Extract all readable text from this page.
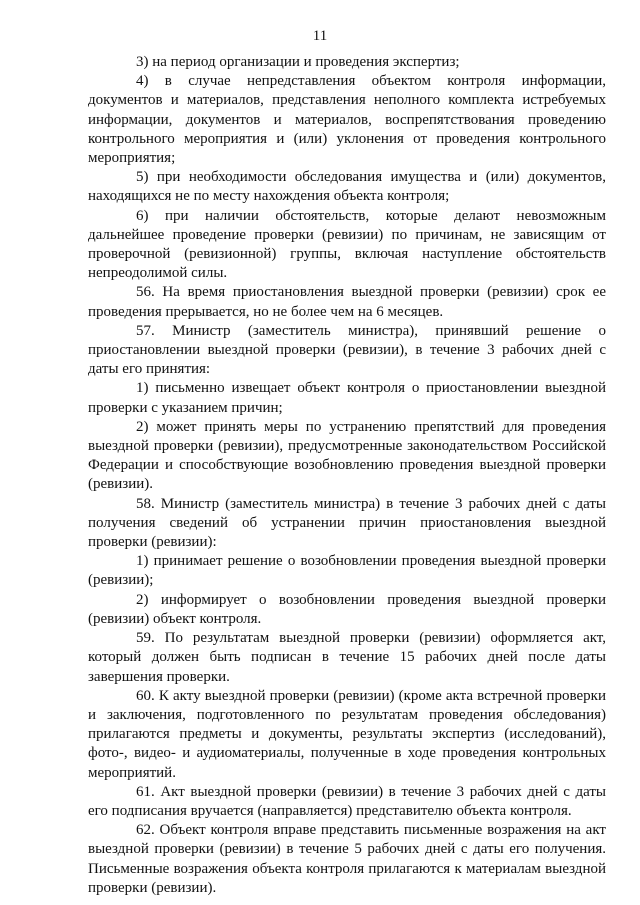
11

3) на период организации и проведения экспертиз;

4) в случае непредставления объектом контроля информации, документов и материалов, представления неполного комплекта истребуемых информации, документов и материалов, воспрепятствования проведению контрольного мероприятия и (или) уклонения от проведения контрольного мероприятия;

5) при необходимости обследования имущества и (или) документов, находящихся не по месту нахождения объекта контроля;

6) при наличии обстоятельств, которые делают невозможным дальнейшее проведение проверки (ревизии) по причинам, не зависящим от проверочной (ревизионной) группы, включая наступление обстоятельств непреодолимой силы.

56. На время приостановления выездной проверки (ревизии) срок ее проведения прерывается, но не более чем на 6 месяцев.

57. Министр (заместитель министра), принявший решение о приостановлении выездной проверки (ревизии), в течение 3 рабочих дней с даты его принятия:

1) письменно извещает объект контроля о приостановлении выездной проверки с указанием причин;

2) может принять меры по устранению препятствий для проведения выездной проверки (ревизии), предусмотренные законодательством Российской Федерации и способствующие возобновлению проведения выездной проверки (ревизии).

58. Министр (заместитель министра) в течение 3 рабочих дней с даты получения сведений об устранении причин приостановления выездной проверки (ревизии):

1) принимает решение о возобновлении проведения выездной проверки (ревизии);

2) информирует о возобновлении проведения выездной проверки (ревизии) объект контроля.

59. По результатам выездной проверки (ревизии) оформляется акт, который должен быть подписан в течение 15 рабочих дней после даты завершения проверки.

60. К акту выездной проверки (ревизии) (кроме акта встречной проверки и заключения, подготовленного по результатам проведения обследования) прилагаются предметы и документы, результаты экспертиз (исследований), фото-, видео- и аудиоматериалы, полученные в ходе проведения контрольных мероприятий.

61. Акт выездной проверки (ревизии) в течение 3 рабочих дней с даты его подписания вручается (направляется) представителю объекта контроля.

62. Объект контроля вправе представить письменные возражения на акт выездной проверки (ревизии) в течение 5 рабочих дней с даты его получения. Письменные возражения объекта контроля прилагаются к материалам выездной проверки (ревизии).
